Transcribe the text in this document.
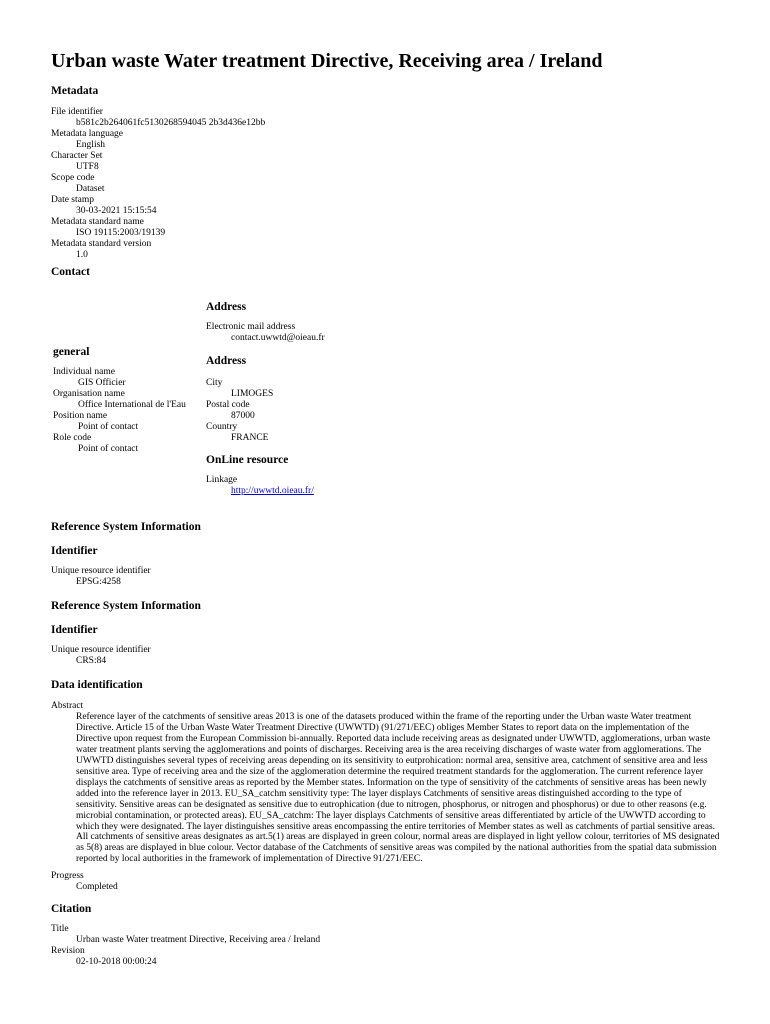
Urban waste Water treatment Directive, Receiving area / Ireland
Metadata
File identifier
b581c2b264061fc5130268594045 2b3d436e12bb
Metadata language
English
Character Set
UTF8
Scope code
Dataset
Date stamp
30-03-2021 15:15:54
Metadata standard name
ISO 19115:2003/19139
Metadata standard version
1.0
Contact
general
Individual name
GIS Officier
Organisation name
Office International de l'Eau
Position name
Point of contact
Role code
Point of contact
Address
Electronic mail address
contact.uwwtd@oieau.fr
Address
City
LIMOGES
Postal code
87000
Country
FRANCE
OnLine resource
Linkage
http://uwwtd.oieau.fr/
Reference System Information
Identifier
Unique resource identifier
EPSG:4258
Reference System Information
Identifier
Unique resource identifier
CRS:84
Data identification
Abstract
Reference layer of the catchments of sensitive areas 2013 is one of the datasets produced within the frame of the reporting under the Urban waste Water treatment Directive. Article 15 of the Urban Waste Water Treatment Directive (UWWTD) (91/271/EEC) obliges Member States to report data on the implementation of the Directive upon request from the European Commission bi-annually. Reported data include receiving areas as designated under UWWTD, agglomerations, urban waste water treatment plants serving the agglomerations and points of discharges. Receiving area is the area receiving discharges of waste water from agglomerations. The UWWTD distinguishes several types of receiving areas depending on its sensitivity to eutprohication: normal area, sensitive area, catchment of sensitive area and less sensitive area. Type of receiving area and the size of the agglomeration determine the required treatment standards for the agglomeration. The current reference layer displays the catchments of sensitive areas as reported by the Member states. Information on the type of sensitivity of the catchments of sensitive areas has been newly added into the reference layer in 2013. EU_SA_catchm sensitivity type: The layer displays Catchments of sensitive areas distinguished according to the type of sensitivity. Sensitive areas can be designated as sensitive due to eutrophication (due to nitrogen, phosphorus, or nitrogen and phosphorus) or due to other reasons (e.g. microbial contamination, or protected areas). EU_SA_catchm: The layer displays Catchments of sensitive areas differentiated by article of the UWWTD according to which they were designated. The layer distinguishes sensitive areas encompassing the entire territories of Member states as well as catchments of partial sensitive areas. All catchments of sensitive areas designates as art.5(1) areas are displayed in green colour, normal areas are displayed in light yellow colour, territories of MS designated as 5(8) areas are displayed in blue colour. Vector database of the Catchments of sensitive areas was compiled by the national authorities from the spatial data submission reported by local authorities in the framework of implementation of Directive 91/271/EEC.
Progress
Completed
Citation
Title
Urban waste Water treatment Directive, Receiving area / Ireland
Revision
02-10-2018 00:00:24
